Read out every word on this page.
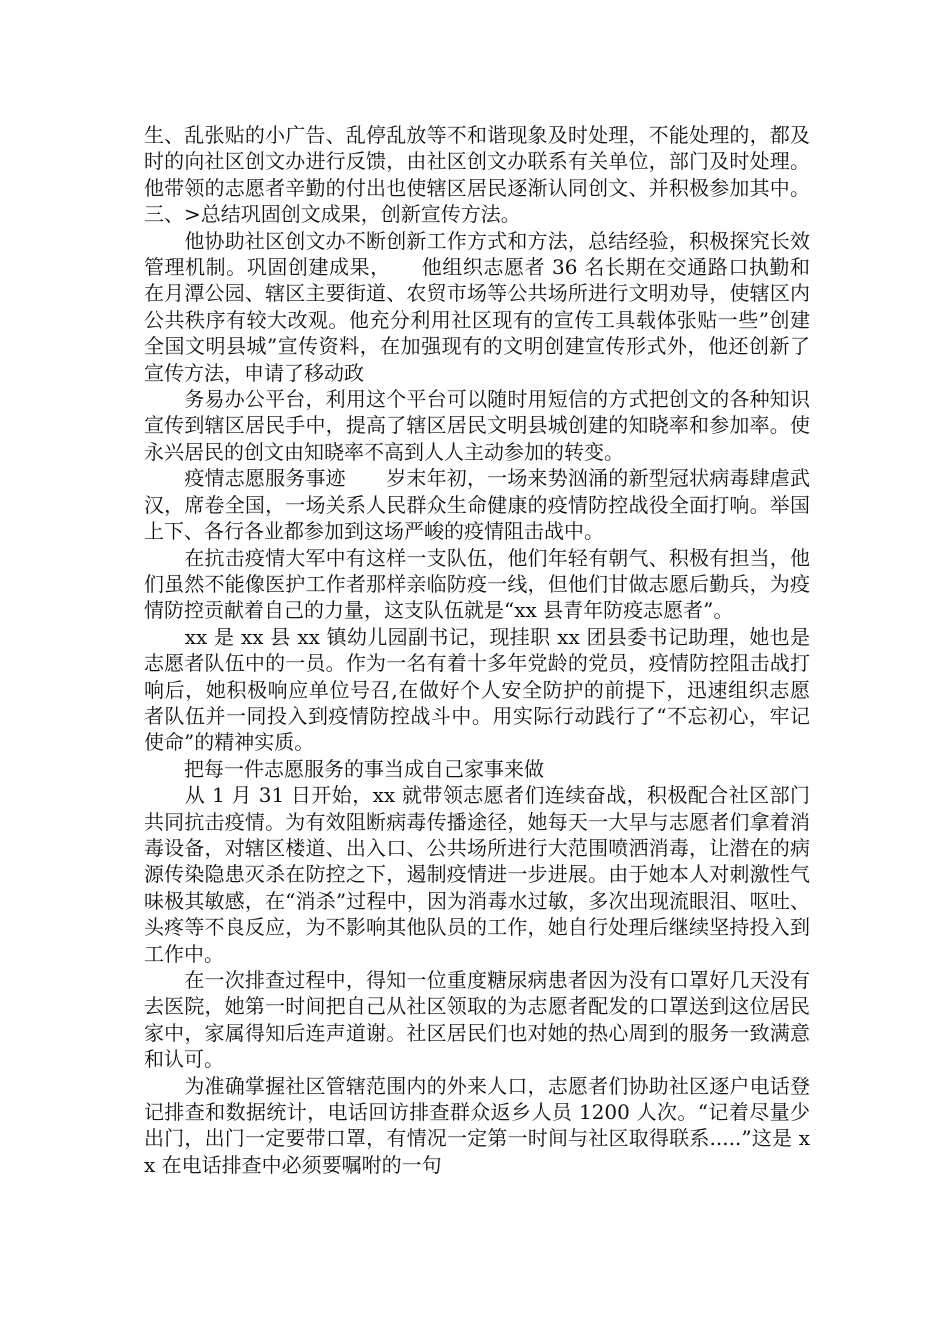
生、乱张贴的小广告、乱停乱放等不和谐现象及时处理，不能处理的，都及时的向社区创文办进行反馈，由社区创文办联系有关单位，部门及时处理。他带领的志愿者辛勤的付出也使辖区居民逐渐认同创文、并积极参加其中。三、>总结巩固创文成果，创新宣传方法。

　　他协助社区创文办不断创新工作方式和方法，总结经验，积极探究长效管理机制。巩固创建成果，　　他组织志愿者 36 名长期在交通路口执勤和在月潭公园、辖区主要街道、农贸市场等公共场所进行文明劝导，使辖区内公共秩序有较大改观。他充分利用社区现有的宣传工具载体张贴一些”创建全国文明县城”宣传资料，在加强现有的文明创建宣传形式外，他还创新了宣传方法，申请了移动政

　　务易办公平台，利用这个平台可以随时用短信的方式把创文的各种知识宣传到辖区居民手中，提高了辖区居民文明县城创建的知晓率和参加率。使永兴居民的创文由知晓率不高到人人主动参加的转变。

　　疫情志愿服务事迹　　岁末年初，一场来势汹涌的新型冠状病毒肆虐武汉，席卷全国，一场关系人民群众生命健康的疫情防控战役全面打响。举国上下、各行各业都参加到这场严峻的疫情阻击战中。

　　在抗击疫情大军中有这样一支队伍，他们年轻有朝气、积极有担当，他们虽然不能像医护工作者那样亲临防疫一线，但他们甘做志愿后勤兵，为疫情防控贡献着自己的力量，这支队伍就是“xx 县青年防疫志愿者”。

　　xx 是 xx 县 xx 镇幼儿园副书记，现挂职 xx 团县委书记助理，她也是志愿者队伍中的一员。作为一名有着十多年党龄的党员，疫情防控阻击战打响后，她积极响应单位号召,在做好个人安全防护的前提下，迅速组织志愿者队伍并一同投入到疫情防控战斗中。用实际行动践行了“不忘初心，牢记使命”的精神实质。

　　把每一件志愿服务的事当成自己家事来做

　　从 1 月 31 日开始，xx 就带领志愿者们连续奋战，积极配合社区部门共同抗击疫情。为有效阻断病毒传播途径，她每天一大早与志愿者们拿着消毒设备，对辖区楼道、出入口、公共场所进行大范围喷洒消毒，让潜在的病源传染隐患灭杀在防控之下，遏制疫情进一步进展。由于她本人对刺激性气味极其敏感，在“消杀”过程中，因为消毒水过敏，多次出现流眼泪、呕吐、头疼等不良反应，为不影响其他队员的工作，她自行处理后继续坚持投入到工作中。

　　在一次排查过程中，得知一位重度糖尿病患者因为没有口罩好几天没有去医院，她第一时间把自己从社区领取的为志愿者配发的口罩送到这位居民家中，家属得知后连声道谢。社区居民们也对她的热心周到的服务一致满意和认可。

　　为准确掌握社区管辖范围内的外来人口，志愿者们协助社区逐户电话登记排查和数据统计，电话回访排查群众返乡人员 1200 人次。“记着尽量少出门，出门一定要带口罩，有情况一定第一时间与社区取得联系.....”这是 xx 在电话排查中必须要嘱咐的一句
